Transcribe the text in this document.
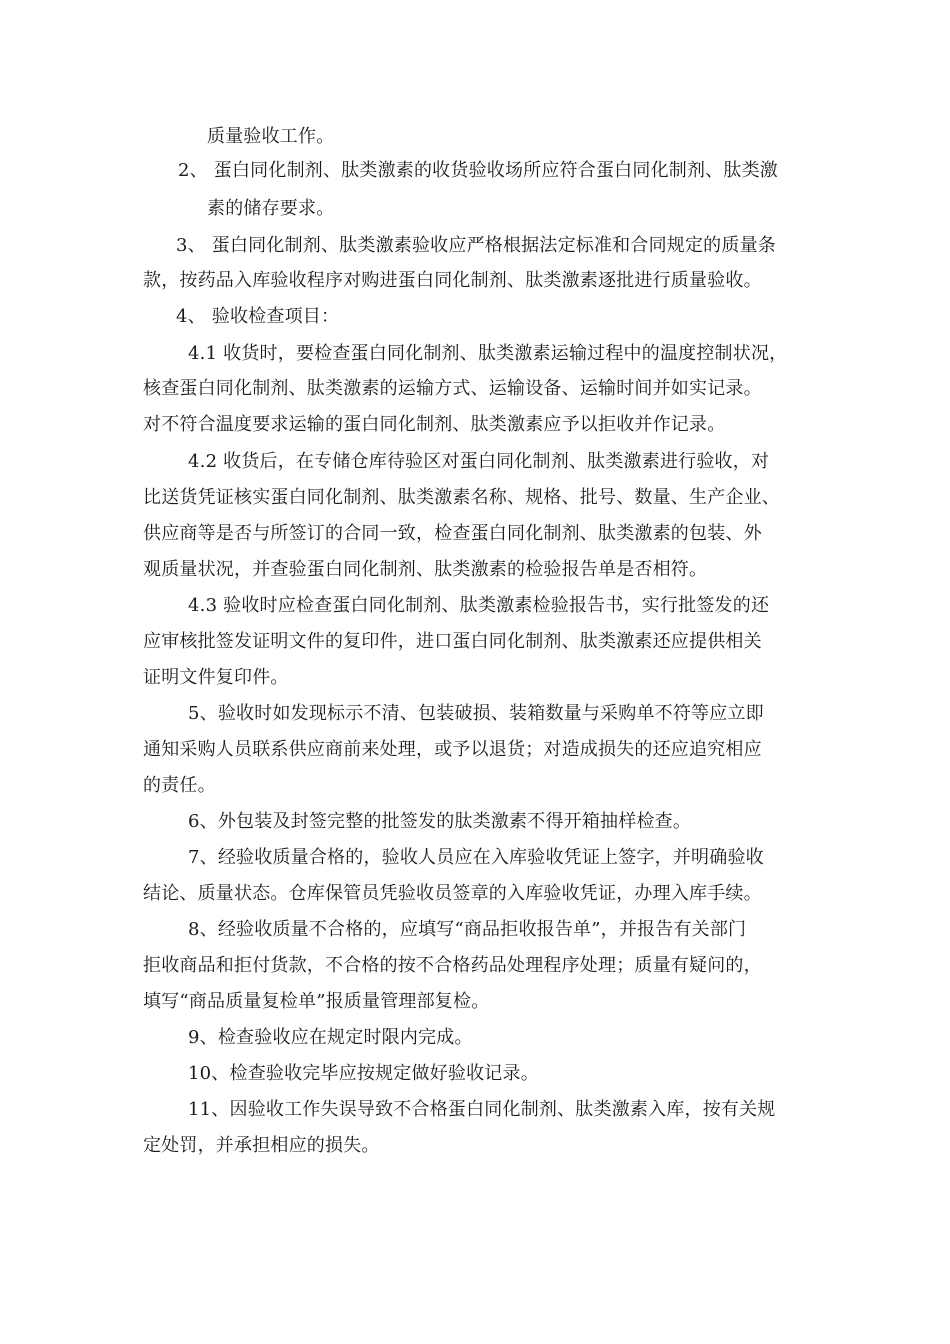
质量验收工作。
2、 蛋白同化制剂、肽类激素的收货验收场所应符合蛋白同化制剂、肽类激
素的储存要求。
3、 蛋白同化制剂、肽类激素验收应严格根据法定标准和合同规定的质量条
款，按药品入库验收程序对购进蛋白同化制剂、肽类激素逐批进行质量验收。
4、 验收检查项目：
4.1 收货时，要检查蛋白同化制剂、肽类激素运输过程中的温度控制状况，
核查蛋白同化制剂、肽类激素的运输方式、运输设备、运输时间并如实记录。
对不符合温度要求运输的蛋白同化制剂、肽类激素应予以拒收并作记录。
4.2 收货后，在专储仓库待验区对蛋白同化制剂、肽类激素进行验收，对
比送货凭证核实蛋白同化制剂、肽类激素名称、规格、批号、数量、生产企业、
供应商等是否与所签订的合同一致，检查蛋白同化制剂、肽类激素的包装、外
观质量状况，并查验蛋白同化制剂、肽类激素的检验报告单是否相符。
4.3 验收时应检查蛋白同化制剂、肽类激素检验报告书，实行批签发的还
应审核批签发证明文件的复印件，进口蛋白同化制剂、肽类激素还应提供相关
证明文件复印件。
5、验收时如发现标示不清、包装破损、装箱数量与采购单不符等应立即
通知采购人员联系供应商前来处理，或予以退货；对造成损失的还应追究相应
的责任。
6、外包装及封签完整的批签发的肽类激素不得开箱抽样检查。
7、经验收质量合格的，验收人员应在入库验收凭证上签字，并明确验收
结论、质量状态。仓库保管员凭验收员签章的入库验收凭证，办理入库手续。
8、经验收质量不合格的，应填写“商品拒收报告单”，并报告有关部门
拒收商品和拒付货款，不合格的按不合格药品处理程序处理；质量有疑问的，
填写“商品质量复检单”报质量管理部复检。
9、检查验收应在规定时限内完成。
10、检查验收完毕应按规定做好验收记录。
11、因验收工作失误导致不合格蛋白同化制剂、肽类激素入库，按有关规
定处罚，并承担相应的损失。
